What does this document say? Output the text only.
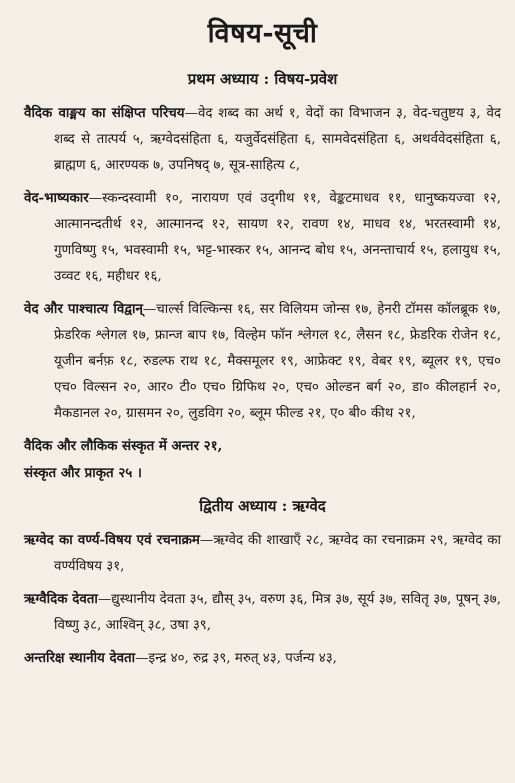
विषय-सूची
प्रथम अध्याय : विषय-प्रवेश

वैदिक वाङ्मय का संक्षिप्त परिचय—वेद शब्द का अर्थ १, वेदों का विभाजन ३, वेद-चतुष्टय ३, वेद शब्द से तात्पर्य ५, ऋग्वेदसंहिता ६, यजुर्वेदसंहिता ६, सामवेदसंहिता ६, अथर्ववेदसंहिता ६, ब्राह्मण ६, आरण्यक ७, उपनिषद् ७, सूत्र-साहित्य ८,

वेद-भाष्यकार—स्कन्दस्वामी १०, नारायण एवं उद्‌गीथ ११, वेङ्कटमाधव ११, धानुष्कयज्वा १२, आत्मानन्दतीर्थ १२, आत्मानन्द १२, सायण १२, रावण १४, माधव १४, भरतस्वामी १४, गुणविष्णु १५, भवस्वामी १५, भट्ट-भास्कर १५, आनन्द बोध १५, अनन्ताचार्य १५, हलायुध १५, उव्वट १६, महीधर १६,

वेद और पाश्चात्य विद्वान्—चार्ल्स विल्किन्स १६, सर विलियम जोन्स १७, हेनरी टॉमस कॉलब्रूक १७, फ्रेडरिक श्लेगल १७, फ्रान्ज बाप १७, विल्हेम फॉन श्लेगल १८, लैसन १८, फ्रेडरिक रोजेन १८, यूजीन बर्नफ़ १८, रुडल्फ राथ १८, मैक्समूलर १९, आफ्रेक्ट १९, वेबर १९, ब्यूलर १९, एच० एच० विल्सन २०, आर० टी० एच० ग्रिफिथ २०, एच० ओल्डन बर्ग २०, डा० कीलहार्न २०, मैकडानल २०, ग्रासमन २०, लुडविग २०, ब्लूम फील्ड २१, ए० बी० कीथ २१,

वैदिक और लौकिक संस्कृत में अन्तर २१,

संस्कृत और प्राकृत २५ ।

द्वितीय अध्याय : ऋग्वेद

ऋग्वेद का वर्ण्य-विषय एवं रचनाक्रम—ऋग्वेद की शाखाएँ २८, ऋग्वेद का रचनाक्रम २९, ऋग्वेद का वर्ण्यविषय ३१,

ऋग्वैदिक देवता—द्युस्थानीय देवता ३५, द्यौस् ३५, वरुण ३६, मित्र ३७, सूर्य ३७, सवितृ ३७, पूषन् ३७, विष्णु ३८, आश्विन् ३८, उषा ३९,

अन्तरिक्ष स्थानीय देवता—इन्द्र ४०, रुद्र ३९, मरुत् ४३, पर्जन्य ४३,
